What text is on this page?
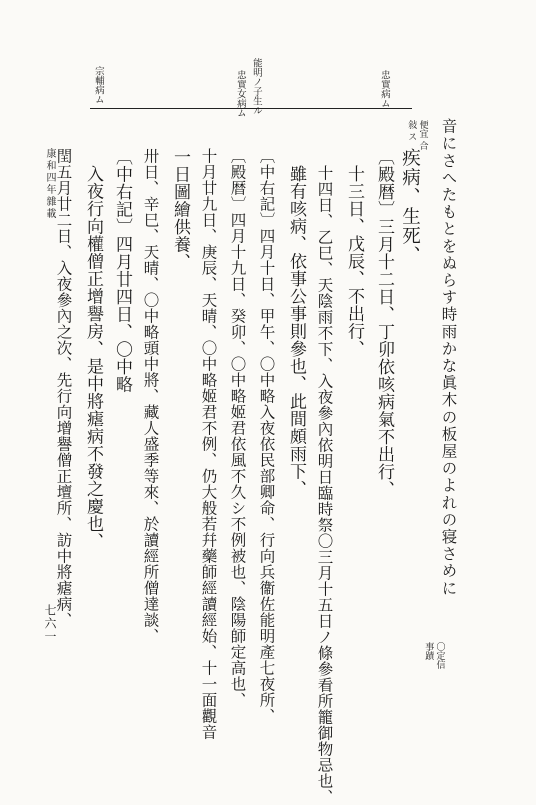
忠實病ム
能明ノ子生ル
忠實女病ム
宗輔病ム
康和四年雜載	音にさへたもとをぬらす時雨かな眞木の板屋のよれの寝さめに
〇定信
事蹟
便宜 合
敍 ス
疾病、生死、
〔殿暦〕三月十二日、丁卯依咳病氣不出行、
十三日、戊辰、不出行、
十四日、乙巳、天陰雨不下、入夜參內依明日臨時祭〇三月十五日ノ條參看所籠御物忌也、
雖有咳病、依事公事則參也、此間頗雨下、
〔中右記〕四月十日、甲午、〇中略入夜依民部卿命、行向兵衞佐能明產七夜所、
〔殿暦〕四月十九日、癸卯、〇中略姬君依風不久シ不例被也、陰陽師定高也、
十月廿九日、庚辰、天晴、〇中略姬君不例、仍大般若幷藥師經讀經始、十一面觀音
一日圖繪供養、
卅日、辛巳、天晴、〇中略頭中將、藏人盛季等來、於讀經所僧達談、
〔中右記〕四月廿四日、〇中略
入夜行向權僧正增譽房、是中將瘧病不發之慶也、
閏五月廿二日、入夜參內之次、先行向增譽僧正壇所、訪中將瘧病、
七六一
